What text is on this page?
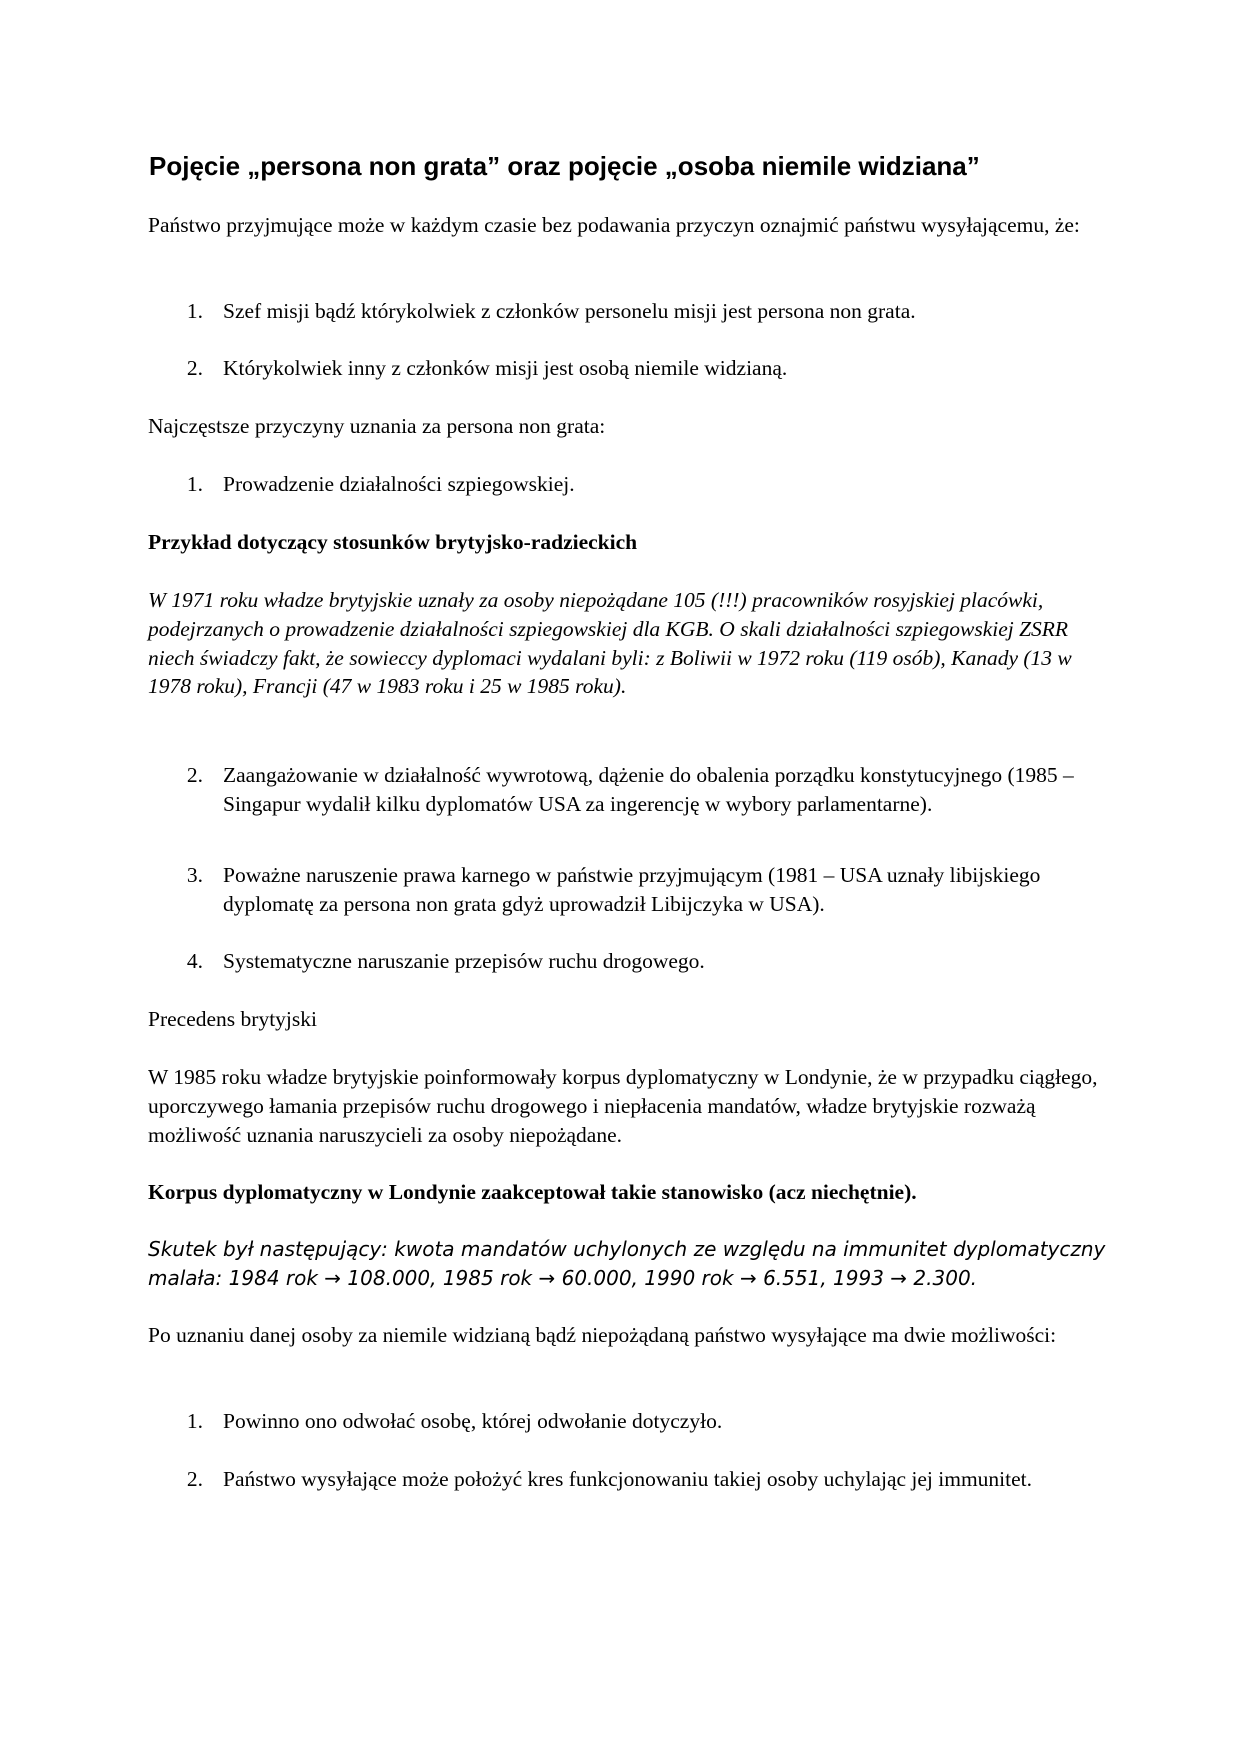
Pojęcie „persona non grata” oraz pojęcie „osoba niemile widziana”

Państwo przyjmujące może w każdym czasie bez podawania przyczyn oznajmić państwu wysyłającemu, że:

1. Szef misji bądź którykolwiek z członków personelu misji jest persona non grata.

2. Którykolwiek inny z członków misji jest osobą niemile widzianą.

Najczęstsze przyczyny uznania za persona non grata:

1. Prowadzenie działalności szpiegowskiej.

Przykład dotyczący stosunków brytyjsko-radzieckich

W 1971 roku władze brytyjskie uznały za osoby niepożądane 105 (!!!) pracowników rosyjskiej placówki, podejrzanych o prowadzenie działalności szpiegowskiej dla KGB. O skali działalności szpiegowskiej ZSRR niech świadczy fakt, że sowieccy dyplomaci wydalani byli: z Boliwii w 1972 roku (119 osób), Kanady (13 w 1978 roku), Francji (47 w 1983 roku i 25 w 1985 roku).

2. Zaangażowanie w działalność wywrotową, dążenie do obalenia porządku konstytucyjnego (1985 – Singapur wydalił kilku dyplomatów USA za ingerencję w wybory parlamentarne).

3. Poważne naruszenie prawa karnego w państwie przyjmującym (1981 – USA uznały libijskiego dyplomatę za persona non grata gdyż uprowadził Libijczyka w USA).

4. Systematyczne naruszanie przepisów ruchu drogowego.

Precedens brytyjski

W 1985 roku władze brytyjskie poinformowały korpus dyplomatyczny w Londynie, że w przypadku ciągłego, uporczywego łamania przepisów ruchu drogowego i niepłacenia mandatów, władze brytyjskie rozważą możliwość uznania naruszycieli za osoby niepożądane.

Korpus dyplomatyczny w Londynie zaakceptował takie stanowisko (acz niechętnie).

Skutek był następujący: kwota mandatów uchylonych ze względu na immunitet dyplomatyczny malała: 1984 rok → 108.000, 1985 rok → 60.000, 1990 rok → 6.551, 1993 → 2.300.

Po uznaniu danej osoby za niemile widzianą bądź niepożądaną państwo wysyłające ma dwie możliwości:

1. Powinno ono odwołać osobę, której odwołanie dotyczyło.

2. Państwo wysyłające może położyć kres funkcjonowaniu takiej osoby uchylając jej immunitet.
